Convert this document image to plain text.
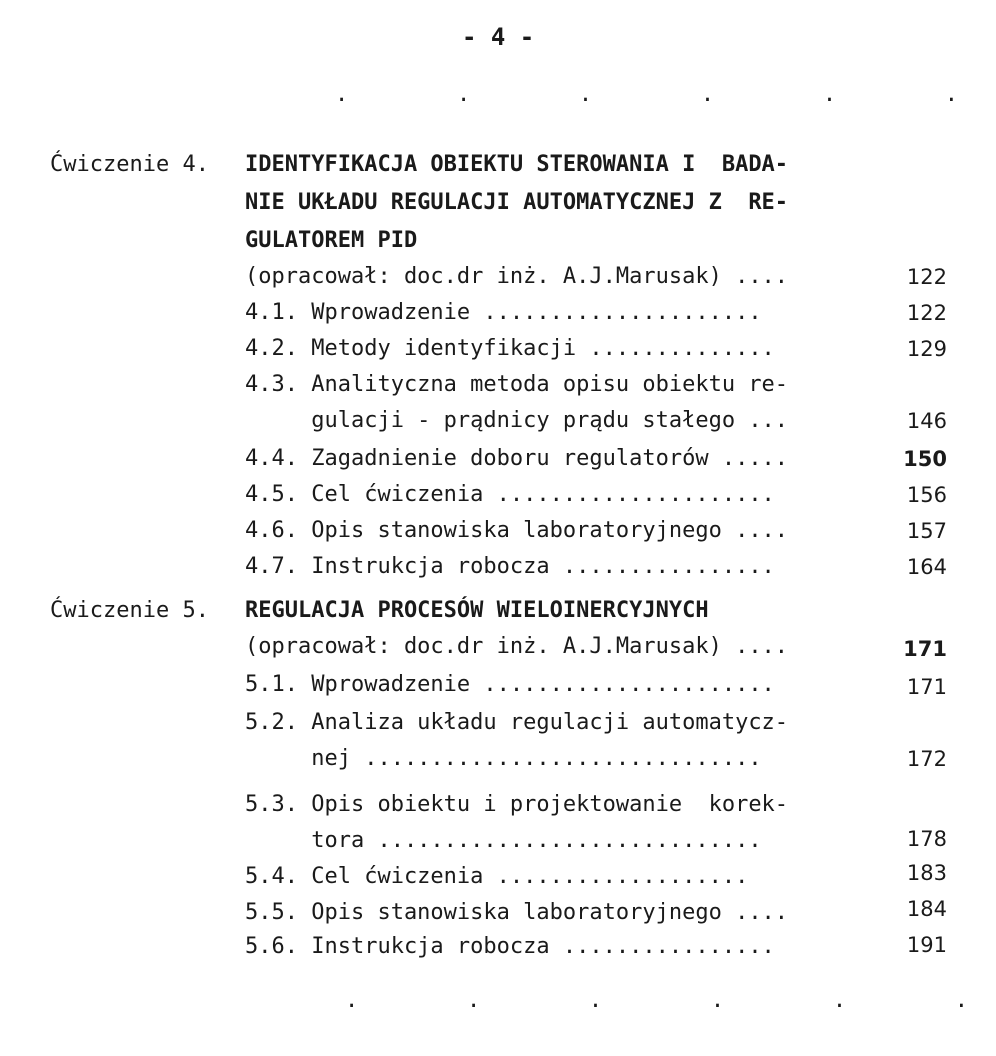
- 4 -
.       .       .       .       .       .
Ćwiczenie 4. IDENTYFIKACJA OBIEKTU STEROWANIA I  BADA-
NIE UKŁADU REGULACJI AUTOMATYCZNEJ Z  RE-
GULATOREM PID
(opracował: doc.dr inż. A.J.Marusak) ....	122
4.1. Wprowadzenie .....................	122
4.2. Metody identyfikacji ..............	129
4.3. Analityczna metoda opisu obiektu re-
gulacji - prądnicy prądu stałego ...	146
4.4. Zagadnienie doboru regulatorów .....	150
4.5. Cel ćwiczenia .....................	156
4.6. Opis stanowiska laboratoryjnego ....	157
4.7. Instrukcja robocza ................	164
Ćwiczenie 5. REGULACJA PROCESÓW WIELOINERCYJNYCH
(opracował: doc.dr inż. A.J.Marusak) ....	171
5.1. Wprowadzenie ......................	171
5.2. Analiza układu regulacji automatycz-
nej ..............................	172
5.3. Opis obiektu i projektowanie  korek-
tora .............................	178
5.4. Cel ćwiczenia ...................	183
5.5. Opis stanowiska laboratoryjnego ....	184
5.6. Instrukcja robocza ................	191
.       .       .       .       .       .
